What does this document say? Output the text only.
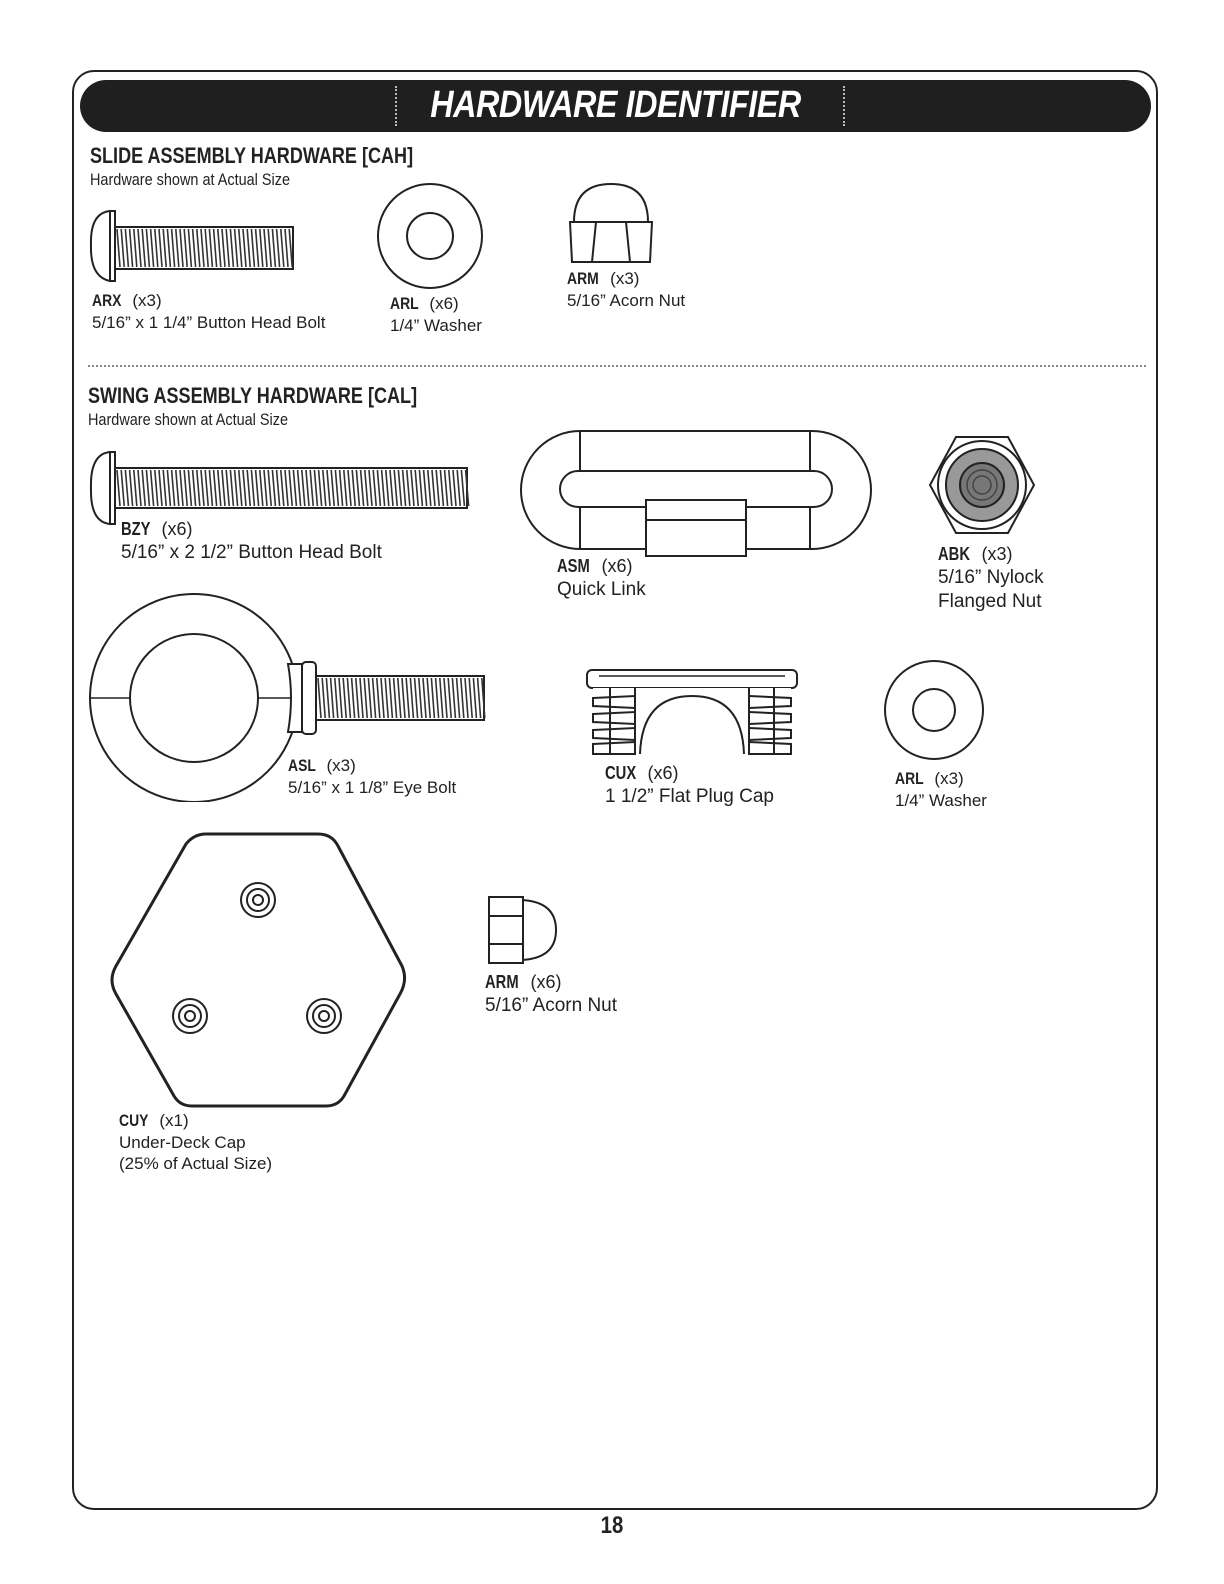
HARDWARE IDENTIFIER
SLIDE ASSEMBLY HARDWARE [CAH]
Hardware shown at Actual Size
ARX (x3)
5/16” x 1 1/4” Button Head Bolt
ARL (x6)
1/4” Washer
ARM (x3)
5/16” Acorn Nut
SWING ASSEMBLY HARDWARE [CAL]
Hardware shown at Actual Size
BZY (x6)
5/16” x 2 1/2” Button Head Bolt
ASM (x6)
Quick Link
ABK (x3)
5/16” Nylock
Flanged Nut
ASL (x3)
5/16” x 1 1/8” Eye Bolt
CUX (x6)
1 1/2” Flat Plug Cap
ARL (x3)
1/4” Washer
CUY (x1)
Under-Deck Cap
(25% of Actual Size)
ARM (x6)
5/16” Acorn Nut
18
